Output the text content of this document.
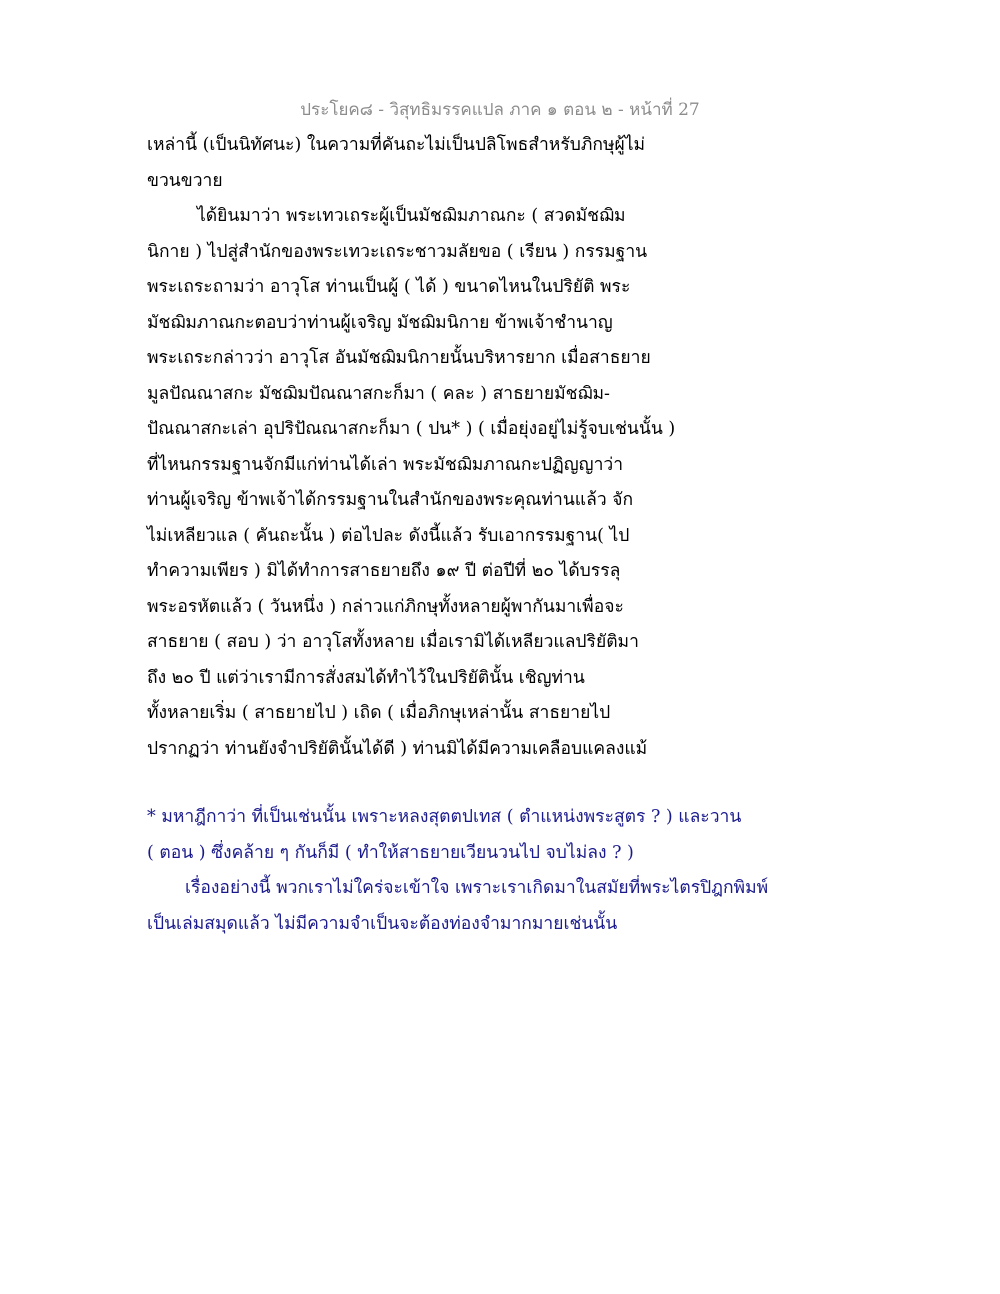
ประโยค๘ - วิสุทธิมรรคแปล ภาค ๑ ตอน ๒ - หน้าที่ 27
เหล่านี้ (เป็นนิทัศนะ) ในความที่คันถะไม่เป็นปลิโพธสำหรับภิกษุผู้ไม่
ขวนขวาย
ได้ยินมาว่า พระเทวเถระผู้เป็นมัชฌิมภาณกะ ( สวดมัชฌิม
นิกาย ) ไปสู่สำนักของพระเทวะเถระชาวมลัยขอ ( เรียน ) กรรมฐาน
พระเถระถามว่า อาวุโส ท่านเป็นผู้ ( ได้ ) ขนาดไหนในปริยัติ พระ
มัชฌิมภาณกะตอบว่าท่านผู้เจริญ มัชฌิมนิกาย ข้าพเจ้าชำนาญ
พระเถระกล่าวว่า อาวุโส อันมัชฌิมนิกายนั้นบริหารยาก เมื่อสาธยาย
มูลปัณณาสกะ มัชฌิมปัณณาสกะก็มา ( คละ ) สาธยายมัชฌิม-
ปัณณาสกะเล่า อุปริปัณณาสกะก็มา ( ปน* ) ( เมื่อยุ่งอยู่ไม่รู้จบเช่นนั้น )
ที่ไหนกรรมฐานจักมีแก่ท่านได้เล่า พระมัชฌิมภาณกะปฏิญญาว่า
ท่านผู้เจริญ ข้าพเจ้าได้กรรมฐานในสำนักของพระคุณท่านแล้ว จัก
ไม่เหลียวแล ( คันถะนั้น ) ต่อไปละ ดังนี้แล้ว รับเอากรรมฐาน( ไป
ทำความเพียร ) มิได้ทำการสาธยายถึง ๑๙ ปี ต่อปีที่ ๒๐ ได้บรรลุ
พระอรหัตแล้ว ( วันหนึ่ง ) กล่าวแก่ภิกษุทั้งหลายผู้พากันมาเพื่อจะ
สาธยาย ( สอบ ) ว่า อาวุโสทั้งหลาย เมื่อเรามิได้เหลียวแลปริยัติมา
ถึง ๒๐ ปี แต่ว่าเรามีการสั่งสมได้ทำไว้ในปริยัตินั้น เชิญท่าน
ทั้งหลายเริ่ม ( สาธยายไป ) เถิด ( เมื่อภิกษุเหล่านั้น สาธยายไป
ปรากฏว่า ท่านยังจำปริยัตินั้นได้ดี ) ท่านมิได้มีความเคลือบแคลงแม้
* มหาฎีกาว่า ที่เป็นเช่นนั้น เพราะหลงสุตตปเทส ( ตำแหน่งพระสูตร ? ) และวาน
( ตอน ) ซึ่งคล้าย ๆ กันก็มี ( ทำให้สาธยายเวียนวนไป จบไม่ลง ? )
เรื่องอย่างนี้ พวกเราไม่ใคร่จะเข้าใจ เพราะเราเกิดมาในสมัยที่พระไตรปิฎกพิมพ์
เป็นเล่มสมุดแล้ว ไม่มีความจำเป็นจะต้องท่องจำมากมายเช่นนั้น
